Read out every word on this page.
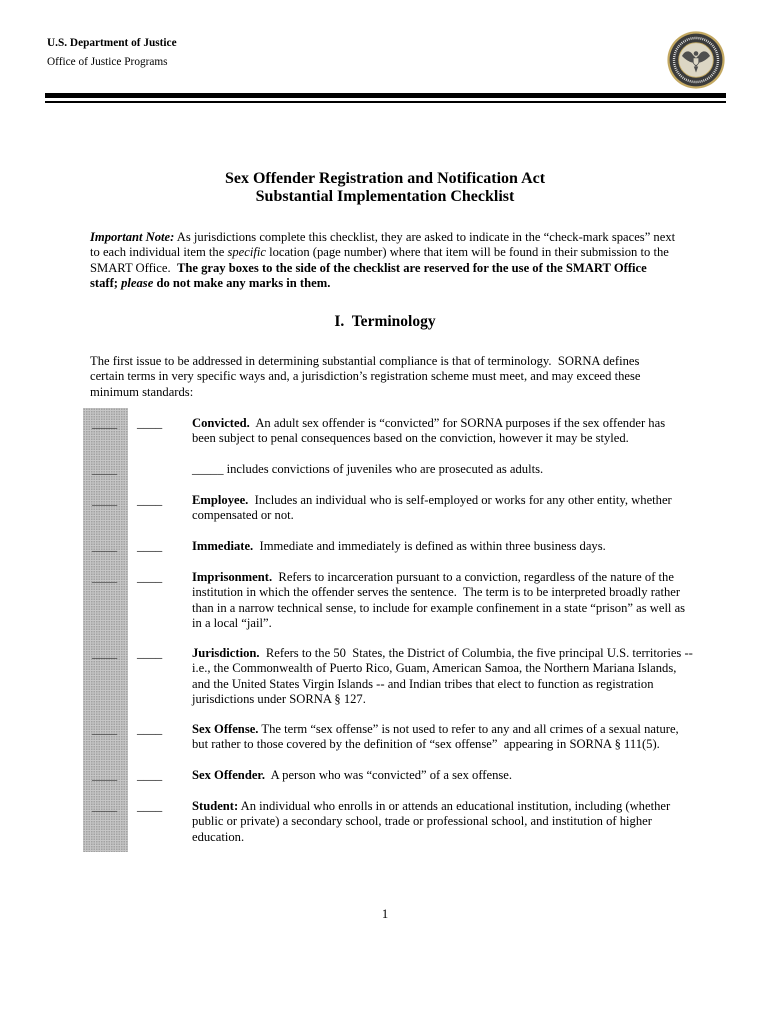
U.S. Department of Justice
Office of Justice Programs
Sex Offender Registration and Notification Act
Substantial Implementation Checklist
Important Note: As jurisdictions complete this checklist, they are asked to indicate in the “check-mark spaces” next
to each individual item the specific location (page number) where that item will be found in their submission to the
SMART Office.  The gray boxes to the side of the checklist are reserved for the use of the SMART Office
staff; please do not make any marks in them.
I.  Terminology
The first issue to be addressed in determining substantial compliance is that of terminology.  SORNA defines
certain terms in very specific ways and, a jurisdiction’s registration scheme must meet, and may exceed these
minimum standards:
____ ____ Convicted.  An adult sex offender is “convicted” for SORNA purposes if the sex offender has
been subject to penal consequences based on the conviction, however it may be styled.
____	_____ includes convictions of juveniles who are prosecuted as adults.
____ ____ Employee.  Includes an individual who is self-employed or works for any other entity, whether
compensated or not.
____ ____ Immediate.  Immediate and immediately is defined as within three business days.
____ ____ Imprisonment.  Refers to incarceration pursuant to a conviction, regardless of the nature of the
institution in which the offender serves the sentence.  The term is to be interpreted broadly rather
than in a narrow technical sense, to include for example confinement in a state “prison” as well as
in a local “jail”.
____ ____ Jurisdiction.  Refers to the 50  States, the District of Columbia, the five principal U.S. territories --
i.e., the Commonwealth of Puerto Rico, Guam, American Samoa, the Northern Mariana Islands,
and the United States Virgin Islands -- and Indian tribes that elect to function as registration
jurisdictions under SORNA § 127.
____ ____ Sex Offense. The term “sex offense” is not used to refer to any and all crimes of a sexual nature,
but rather to those covered by the definition of “sex offense”  appearing in SORNA § 111(5).
____ ____ Sex Offender.  A person who was “convicted” of a sex offense.
____ ____ Student: An individual who enrolls in or attends an educational institution, including (whether
public or private) a secondary school, trade or professional school, and institution of higher
education.
1
